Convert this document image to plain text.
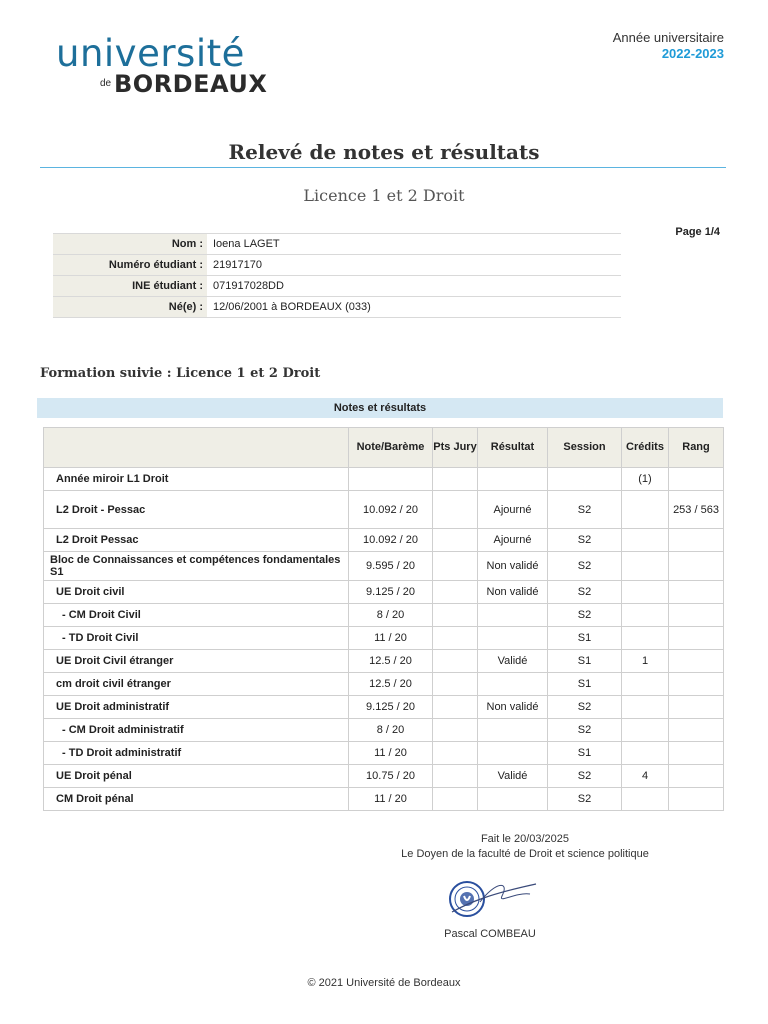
université
de BORDEAUX
Année universitaire
2022-2023
Relevé de notes et résultats
Licence 1 et 2 Droit
Page 1/4
Nom :	Ioena LAGET
Numéro étudiant :	21917170
INE étudiant :	071917028DD
Né(e) :	12/06/2001 à BORDEAUX (033)
Formation suivie : Licence 1 et 2 Droit
Notes et résultats
	Note/Barème	Pts Jury	Résultat	Session	Crédits	Rang
Année miroir L1 Droit					(1)	
L2 Droit - Pessac	10.092 / 20		Ajourné	S2		253 / 563
L2 Droit Pessac	10.092 / 20		Ajourné	S2		
Bloc de Connaissances et compétences fondamentales S1	9.595 / 20		Non validé	S2		
UE Droit civil	9.125 / 20		Non validé	S2		
- CM Droit Civil	8 / 20			S2		
- TD Droit Civil	11 / 20			S1		
UE Droit Civil étranger	12.5 / 20		Validé	S1	1	
cm droit civil étranger	12.5 / 20			S1		
UE Droit administratif	9.125 / 20		Non validé	S2		
- CM Droit administratif	8 / 20			S2		
- TD Droit administratif	11 / 20			S1		
UE Droit pénal	10.75 / 20		Validé	S2	4	
CM Droit pénal	11 / 20			S2		
Fait le 20/03/2025
Le Doyen de la faculté de Droit et science politique
Pascal COMBEAU
© 2021 Université de Bordeaux
